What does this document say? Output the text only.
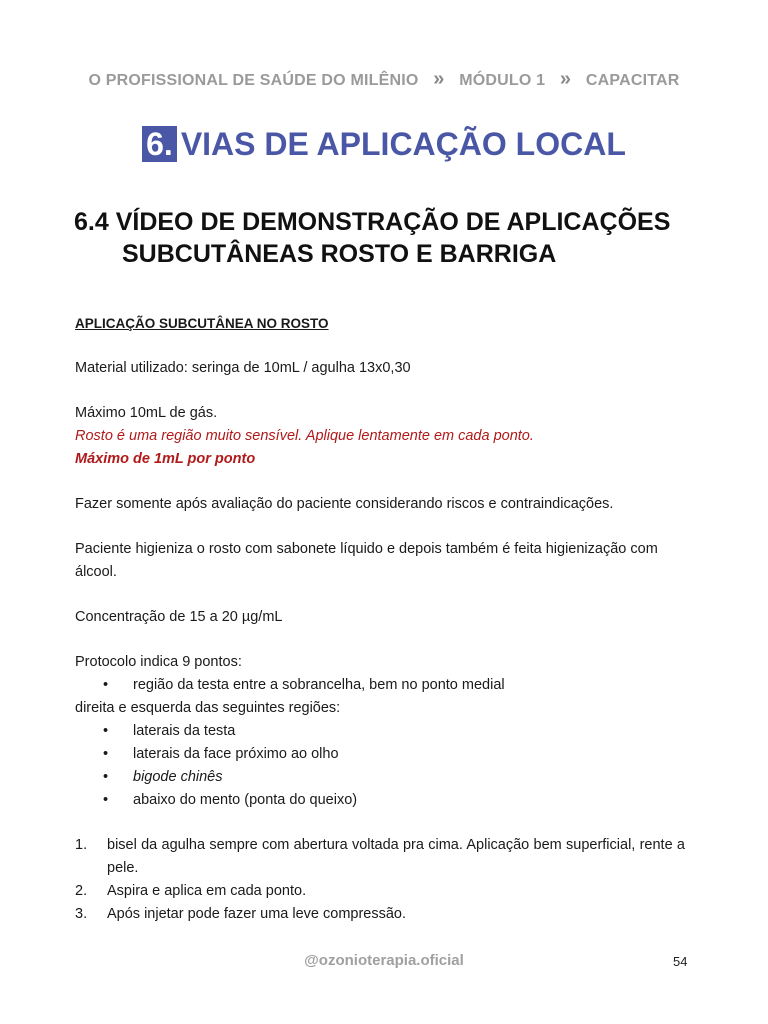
O PROFISSIONAL DE SAÚDE DO MILÊNIO » MÓDULO 1 » CAPACITAR
6. VIAS DE APLICAÇÃO LOCAL
6.4 VÍDEO DE DEMONSTRAÇÃO DE APLICAÇÕES
SUBCUTÂNEAS ROSTO E BARRIGA

APLICAÇÃO SUBCUTÂNEA NO ROSTO

Material utilizado: seringa de 10mL / agulha 13x0,30

Máximo 10mL de gás.

Rosto é uma região muito sensível. Aplique lentamente em cada ponto.

Máximo de 1mL por ponto

Fazer somente após avaliação do paciente considerando riscos e contraindicações.

Paciente higieniza o rosto com sabonete líquido e depois também é feita higienização com álcool.

Concentração de 15 a 20 µg/mL

Protocolo indica 9 pontos:

• região da testa entre a sobrancelha, bem no ponto medial

direita e esquerda das seguintes regiões:

• laterais da testa
• laterais da face próximo ao olho
• bigode chinês
• abaixo do mento (ponta do queixo)
1. bisel da agulha sempre com abertura voltada pra cima. Aplicação bem superficial, rente a pele.
2. Aspira e aplica em cada ponto.
3. Após injetar pode fazer uma leve compressão.
@ozonioterapia.oficial	54
